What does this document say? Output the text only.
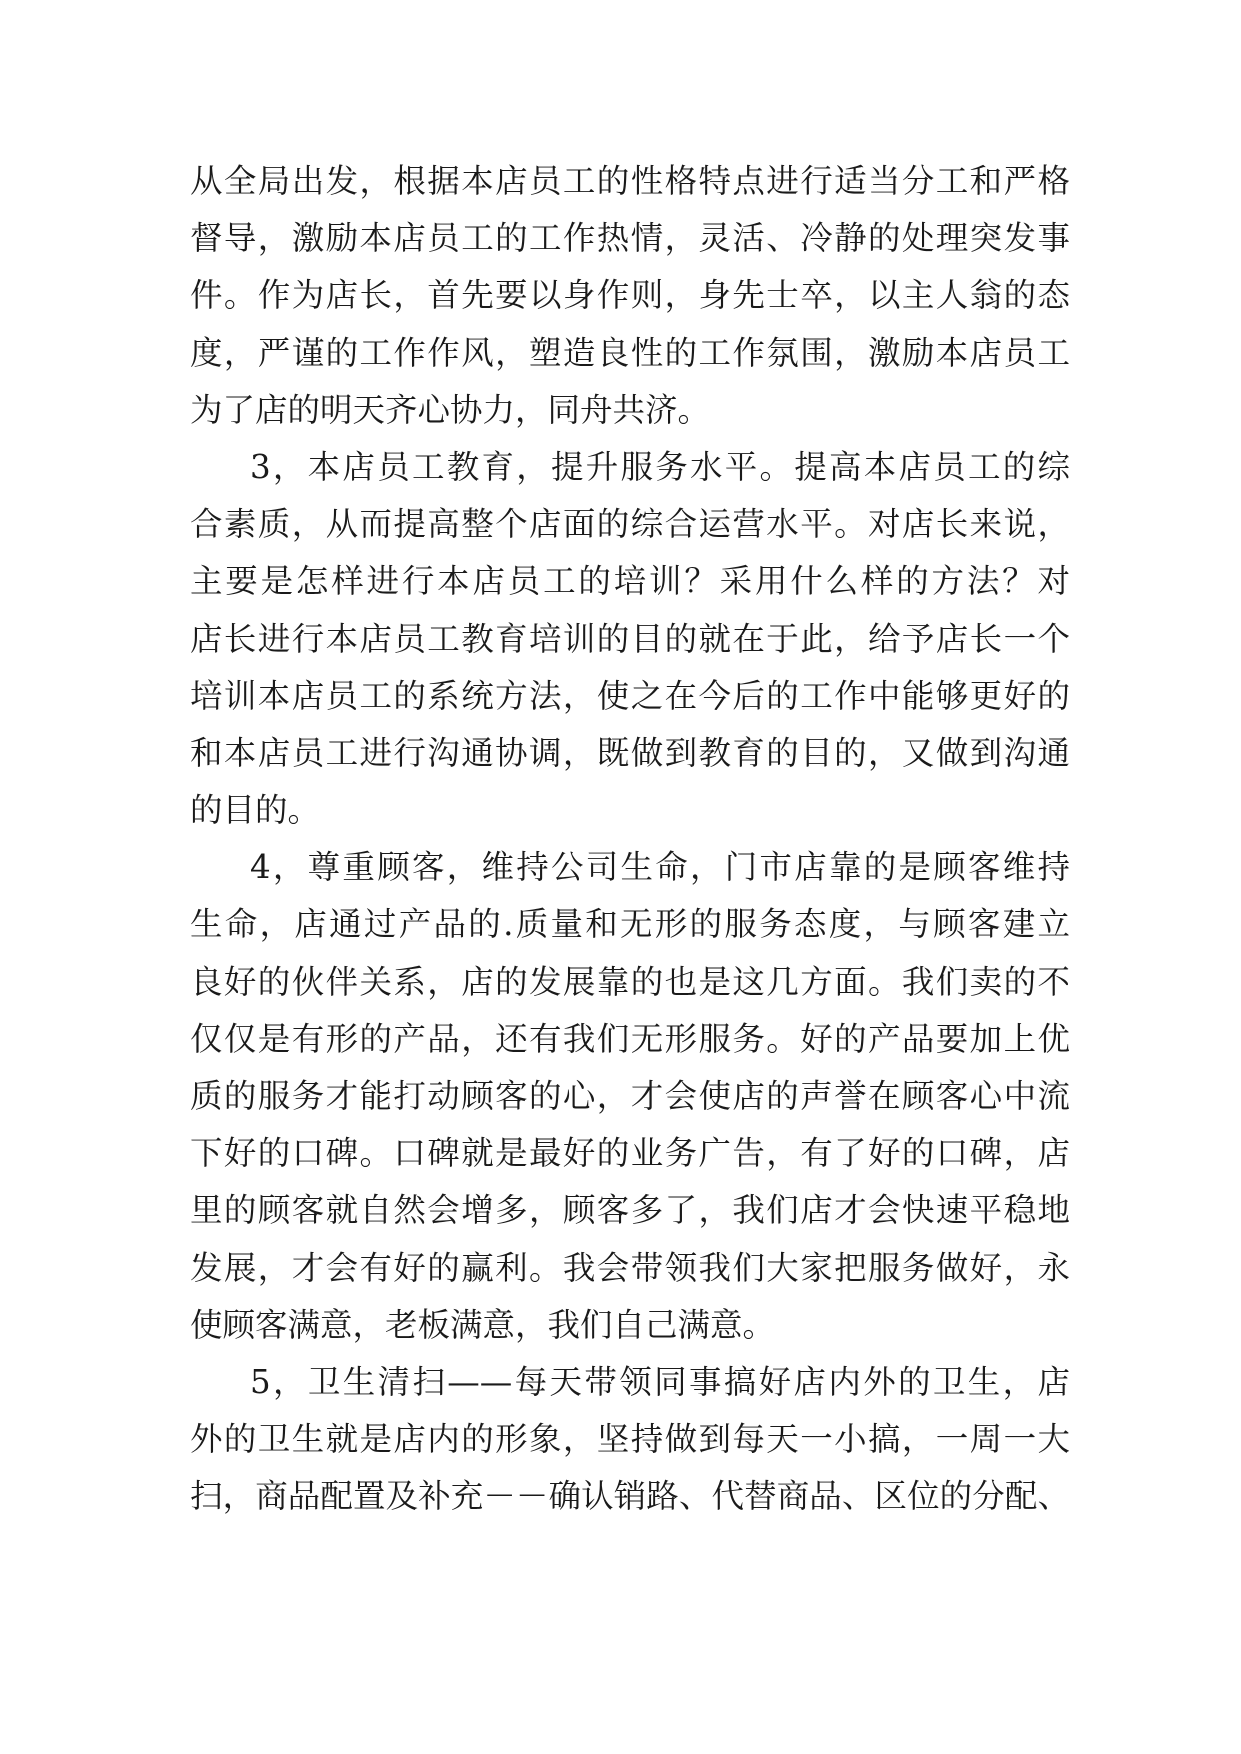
从全局出发，根据本店员工的性格特点进行适当分工和严格
督导，激励本店员工的工作热情，灵活、冷静的处理突发事
件。作为店长，首先要以身作则，身先士卒，以主人翁的态
度，严谨的工作作风，塑造良性的工作氛围，激励本店员工
为了店的明天齐心协力，同舟共济。
3，本店员工教育，提升服务水平。提高本店员工的综
合素质，从而提高整个店面的综合运营水平。对店长来说，
主要是怎样进行本店员工的培训？采用什么样的方法？对
店长进行本店员工教育培训的目的就在于此，给予店长一个
培训本店员工的系统方法，使之在今后的工作中能够更好的
和本店员工进行沟通协调，既做到教育的目的，又做到沟通
的目的。
4，尊重顾客，维持公司生命，门市店靠的是顾客维持
生命，店通过产品的.质量和无形的服务态度，与顾客建立
良好的伙伴关系，店的发展靠的也是这几方面。我们卖的不
仅仅是有形的产品，还有我们无形服务。好的产品要加上优
质的服务才能打动顾客的心，才会使店的声誉在顾客心中流
下好的口碑。口碑就是最好的业务广告，有了好的口碑，店
里的顾客就自然会增多，顾客多了，我们店才会快速平稳地
发展，才会有好的赢利。我会带领我们大家把服务做好，永
使顾客满意，老板满意，我们自己满意。
5，卫生清扫——每天带领同事搞好店内外的卫生，店
外的卫生就是店内的形象，坚持做到每天一小搞，一周一大
扫，商品配置及补充－－确认销路、代替商品、区位的分配、
